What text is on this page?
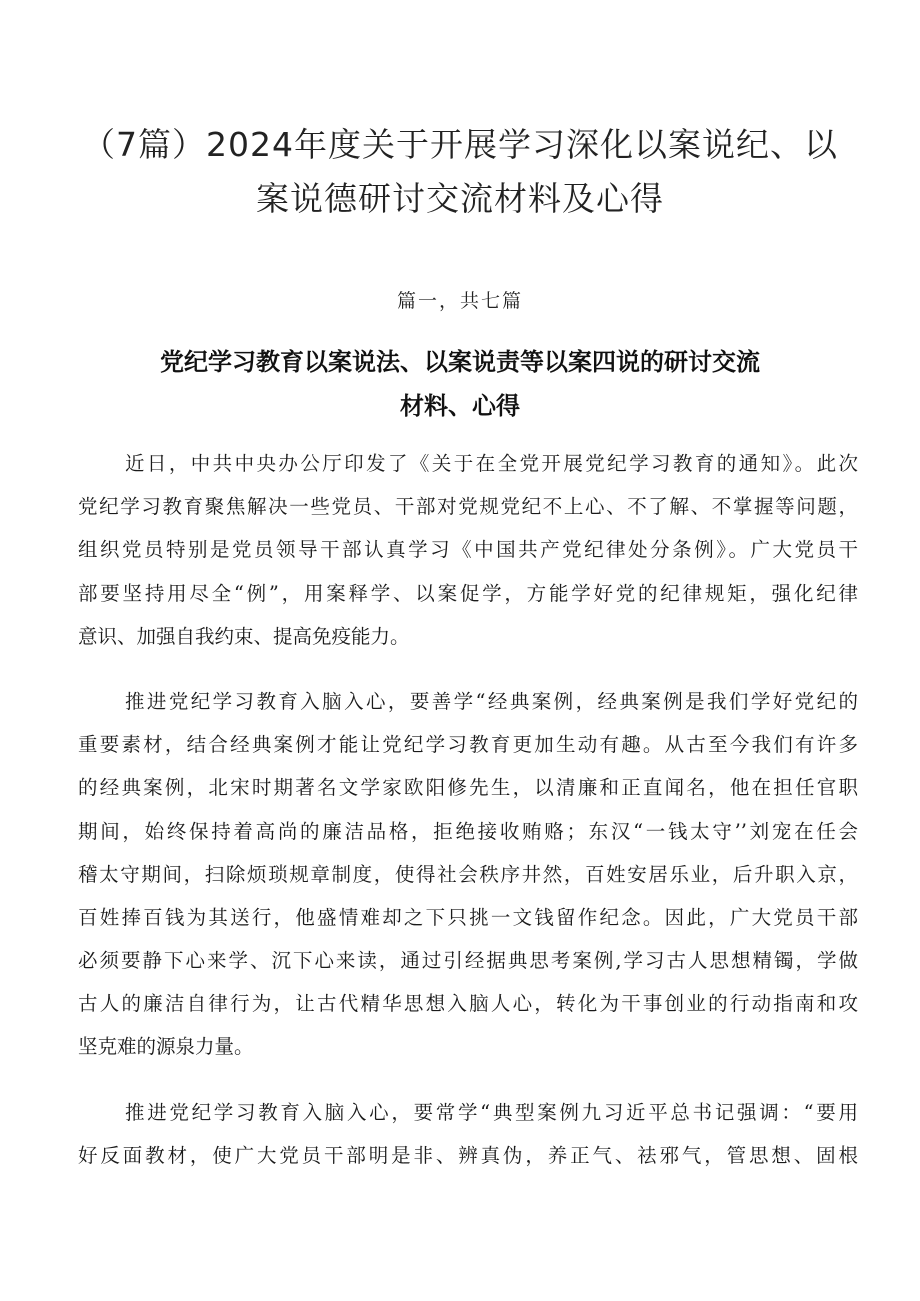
（7篇）2024年度关于开展学习深化以案说纪、以
案说德研讨交流材料及心得
篇一，共七篇
党纪学习教育以案说法、以案说责等以案四说的研讨交流
材料、心得

近日，中共中央办公厅印发了《关于在全党开展党纪学习教育的通知》。此次
党纪学习教育聚焦解决一些党员、干部对党规党纪不上心、不了解、不掌握等问题，
组织党员特别是党员领导干部认真学习《中国共产党纪律处分条例》。广大党员干
部要坚持用尽全“例”，用案释学、以案促学，方能学好党的纪律规矩，强化纪律
意识、加强自我约束、提高免疫能力。

推进党纪学习教育入脑入心，要善学“经典案例，经典案例是我们学好党纪的
重要素材，结合经典案例才能让党纪学习教育更加生动有趣。从古至今我们有许多
的经典案例，北宋时期著名文学家欧阳修先生，以清廉和正直闻名，他在担任官职
期间，始终保持着高尚的廉洁品格，拒绝接收贿赂；东汉“一钱太守’’刘宠在任会
稽太守期间，扫除烦琐规章制度，使得社会秩序井然，百姓安居乐业，后升职入京，
百姓捧百钱为其送行，他盛情难却之下只挑一文钱留作纪念。因此，广大党员干部
必须要静下心来学、沉下心来读，通过引经据典思考案例,学习古人思想精镯，学做
古人的廉洁自律行为，让古代精华思想入脑人心，转化为干事创业的行动指南和攻
坚克难的源泉力量。

推进党纪学习教育入脑入心，要常学“典型案例九习近平总书记强调：“要用
好反面教材，使广大党员干部明是非、辨真伪，养正气、祛邪气，管思想、固根
